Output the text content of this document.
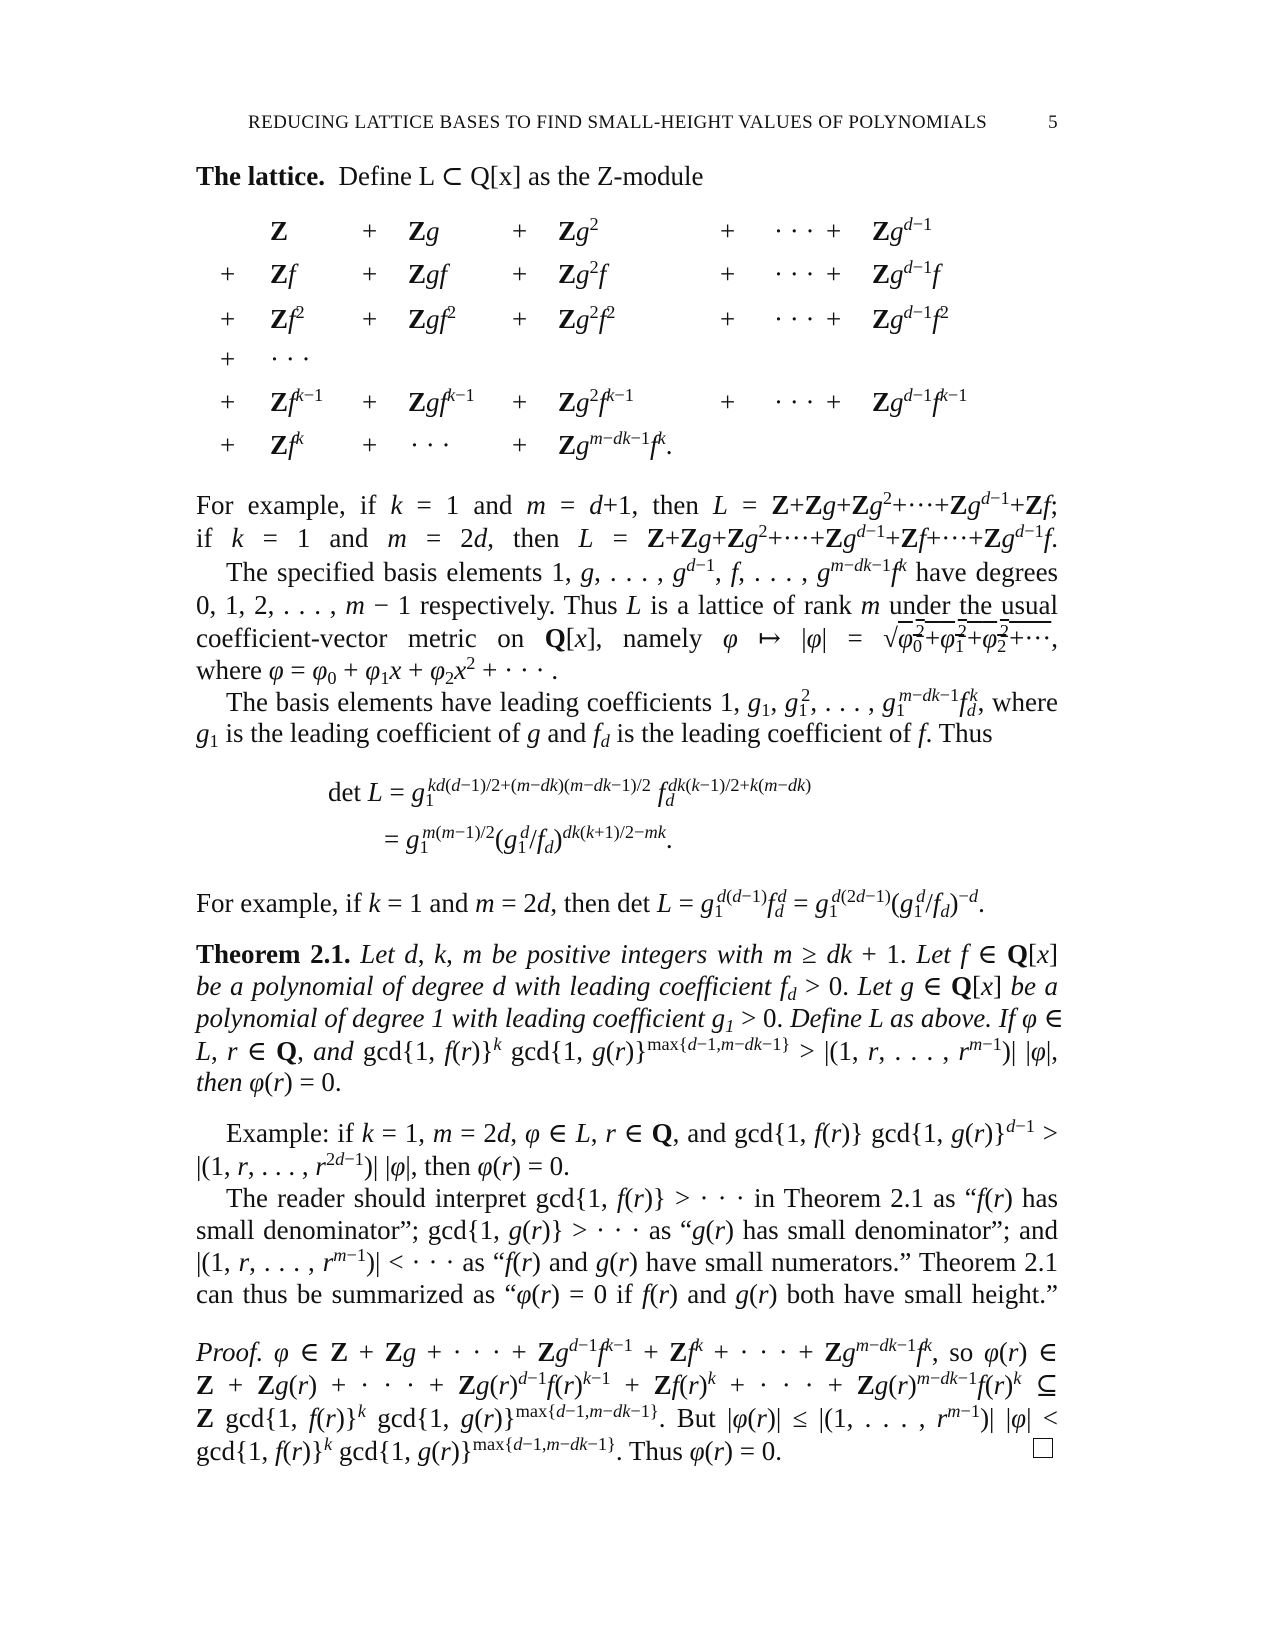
REDUCING LATTICE BASES TO FIND SMALL-HEIGHT VALUES OF POLYNOMIALS	5
The lattice. Define L ⊂ Q[x] as the Z-module
Z	+ Zg	+ $Zg^2$	+ · · · + $Zg^{d-1}$
+ Zf + Zgf + $Zg^2f$	+ · · · + $Zg^{d-1}f$
+ $Zf^2 + Zgf^2 + Zg^2f^2$	+ · · · + $Zg^{d-1}f^2$
+ · · ·
+ $Zf^{k-1} + Zgf^{k-1} + Zg^2f^{k-1}$	+ · · · + $Zg^{d-1}f^{k-1}$
+ $Zf^k$ + · · · + $Zg^{m-dk-1}f^k$.
For example, if k = 1 and m = d+1, then $L = Z+Zg+Zg^2+\cdot\cdot\cdot+Zg^{d-1}+Zf$;
if k = 1 and m = 2d, then $L = Z+Zg+Zg^2+\cdot\cdot\cdot+Zg^{d-1}+Zf+\cdot\cdot\cdot+Zg^{d-1}f$.
The specified basis elements 1, g, . . . , $g^{d-1}$, f, . . . , $g^{m-dk-1}f^k$ have degrees
0, 1, 2, . . . , m − 1 respectively. Thus L is a lattice of rank m under the usual
coefficient-vector metric on Q[x], namely φ ↦ $|\varphi| = √\varphi_0^2+\varphi_1^2+\varphi_2^2+\cdot\cdot\cdot$,
where $\varphi = \varphi_0 + \varphi_1x + \varphi_2x^2$ + · · · .
The basis elements have leading coefficients 1, $g_1$, $g_1^2$, . . . , $g_1^{m-dk-1}f_d^k$, where
$g_1$ is the leading coefficient of g and $f_d$ is the leading coefficient of f. Thus
$\det L = g_1^{kd(d-1)/2+(m-dk)(m-dk-1)/2}$ $f_d^{dk(k-1)/2+k(m-dk)}$
= $g_1^{m(m-1)/2}(g_1^d/f_d)^{dk(k+1)/2-mk}$.
For example, if k = 1 and m = 2d, then $\det L = g_1^{d(d-1)}f_d^d = g_1^{d(2d-1)}(g_1^d/f_d)^{-d}$.
Theorem 2.1. Let d, k, m be positive integers with m ≥ dk + 1. Let f ∈ Q[x]
be a polynomial of degree d with leading coefficient $f_d > 0$. Let g ∈ Q[x] be a
polynomial of degree 1 with leading coefficient $g_1 > 0$. Define L as above. If φ ∈
L, r ∈ Q, and gcd{1, f(r)}$^k$ gcd{1, g(r)}$^{max\{d-1,m-dk-1\}}$ > |(1, r, . . . , $r^{m-1})|$ |φ|,
then φ(r) = 0.
Example: if k = 1, m = 2d, φ ∈ L, r ∈ Q, and gcd{1, f(r)} gcd{1, g(r)}$^{d-1}$ >
|(1, r, . . . , $r^{2d-1})|$ |φ|, then φ(r) = 0.
The reader should interpret gcd{1, f(r)} > · · · in Theorem 2.1 as “f(r) has
small denominator”; gcd{1, g(r)} > · · · as “g(r) has small denominator”; and
|(1, r, . . . , $r^{m-1})|$ < · · · as “f(r) and g(r) have small numerators.” Theorem 2.1
can thus be summarized as “φ(r) = 0 if f(r) and g(r) both have small height.”
Proof. φ ∈ Z + Zg + · · · + $Zg^{d-1}f^{k-1} + Zf^k$ + · · · + $Zg^{m-dk-1}f^k$, so φ(r) ∈
Z + Zg(r) + · · · + $Zg(r)^{d-1}f(r)^{k-1} + Zf(r)^k$ + · · · + $Zg(r)^{m-dk-1}f(r)^k$ ⊆
Z gcd{1, f(r)}$^k$ gcd{1, g(r)}$^{max\{d-1,m-dk-1\}}$. But |φ(r)| ≤ |(1, . . . , $r^{m-1})|$ |φ| <
gcd{1, f(r)}$^k$ gcd{1, g(r)}$^{max\{d-1,m-dk-1\}}$. Thus φ(r) = 0.
